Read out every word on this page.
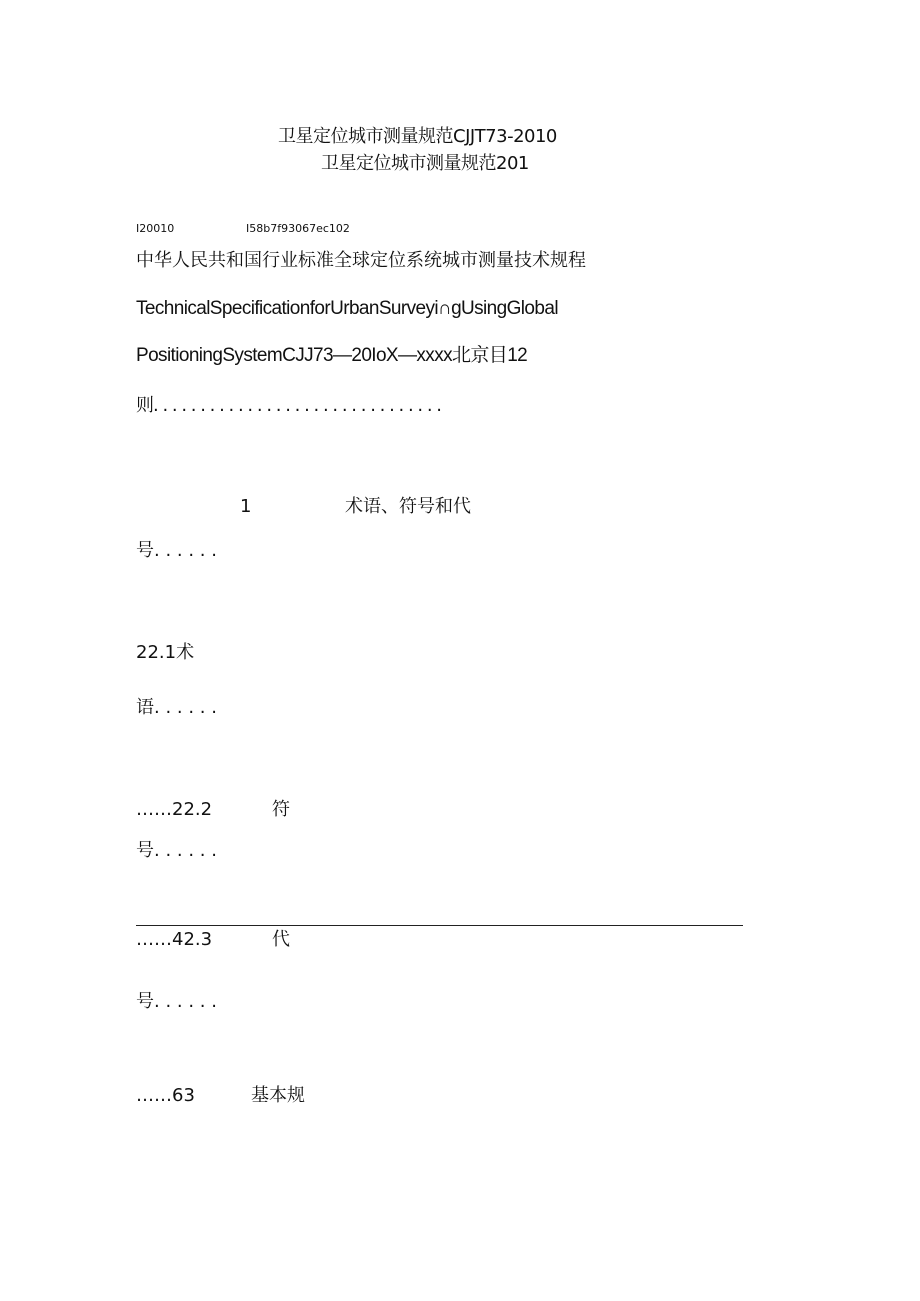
卫星定位城市测量规范CJJT73-2010
卫星定位城市测量规范201
I20010	I58b7f93067ec102
中华人民共和国行业标准全球定位系统城市测量技术规程
TechnicalSpecificationforUrbanSurveyi∩gUsingGlobal
PositioningSystemCJJ73—20IoX—xxxx北京目12
则. . . . . . . . . . . . . . . . . . . . . . . . . . . . . . .
1	术语、符号和代
号. . . . . .
22.1术
语. . . . . .
……22.2	符
号. . . . . .
……42.3	代
号. . . . . .
……63	基本规
